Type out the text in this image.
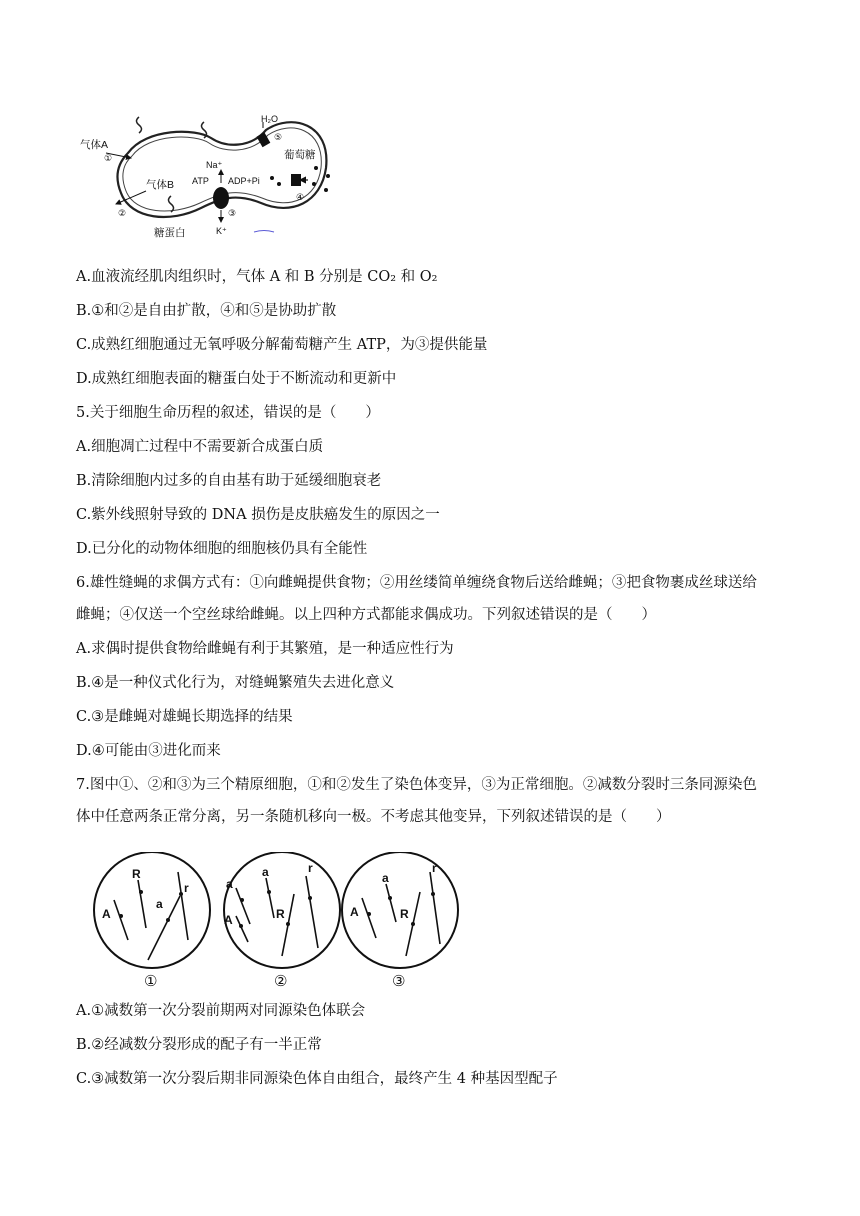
气体A
①
气体B
②
糖蛋白
Na⁺
ATP ADP+Pi
③
K⁺
H₂O
⑤
葡萄糖
④
A.血液流经肌肉组织时，气体 A 和 B 分别是 CO₂ 和 O₂
B.①和②是自由扩散，④和⑤是协助扩散
C.成熟红细胞通过无氧呼吸分解葡萄糖产生 ATP，为③提供能量
D.成熟红细胞表面的糖蛋白处于不断流动和更新中
5.关于细胞生命历程的叙述，错误的是（　　）
A.细胞凋亡过程中不需要新合成蛋白质
B.清除细胞内过多的自由基有助于延缓细胞衰老
C.紫外线照射导致的 DNA 损伤是皮肤癌发生的原因之一
D.已分化的动物体细胞的细胞核仍具有全能性
6.雄性缝蝇的求偶方式有：①向雌蝇提供食物；②用丝缕简单缠绕食物后送给雌蝇；③把食物裹成丝球送给
雌蝇；④仅送一个空丝球给雌蝇。以上四种方式都能求偶成功。下列叙述错误的是（　　）
A.求偶时提供食物给雌蝇有利于其繁殖，是一种适应性行为
B.④是一种仪式化行为，对缝蝇繁殖失去进化意义
C.③是雌蝇对雄蝇长期选择的结果
D.④可能由③进化而来
7.图中①、②和③为三个精原细胞，①和②发生了染色体变异，③为正常细胞。②减数分裂时三条同源染色
体中任意两条正常分离，另一条随机移向一极。不考虑其他变异，下列叙述错误的是（　　）
R
A
a
r
①
a
a
A	R
r
②
a
A	R
r
③
A.①减数第一次分裂前期两对同源染色体联会
B.②经减数分裂形成的配子有一半正常
C.③减数第一次分裂后期非同源染色体自由组合，最终产生 4 种基因型配子
